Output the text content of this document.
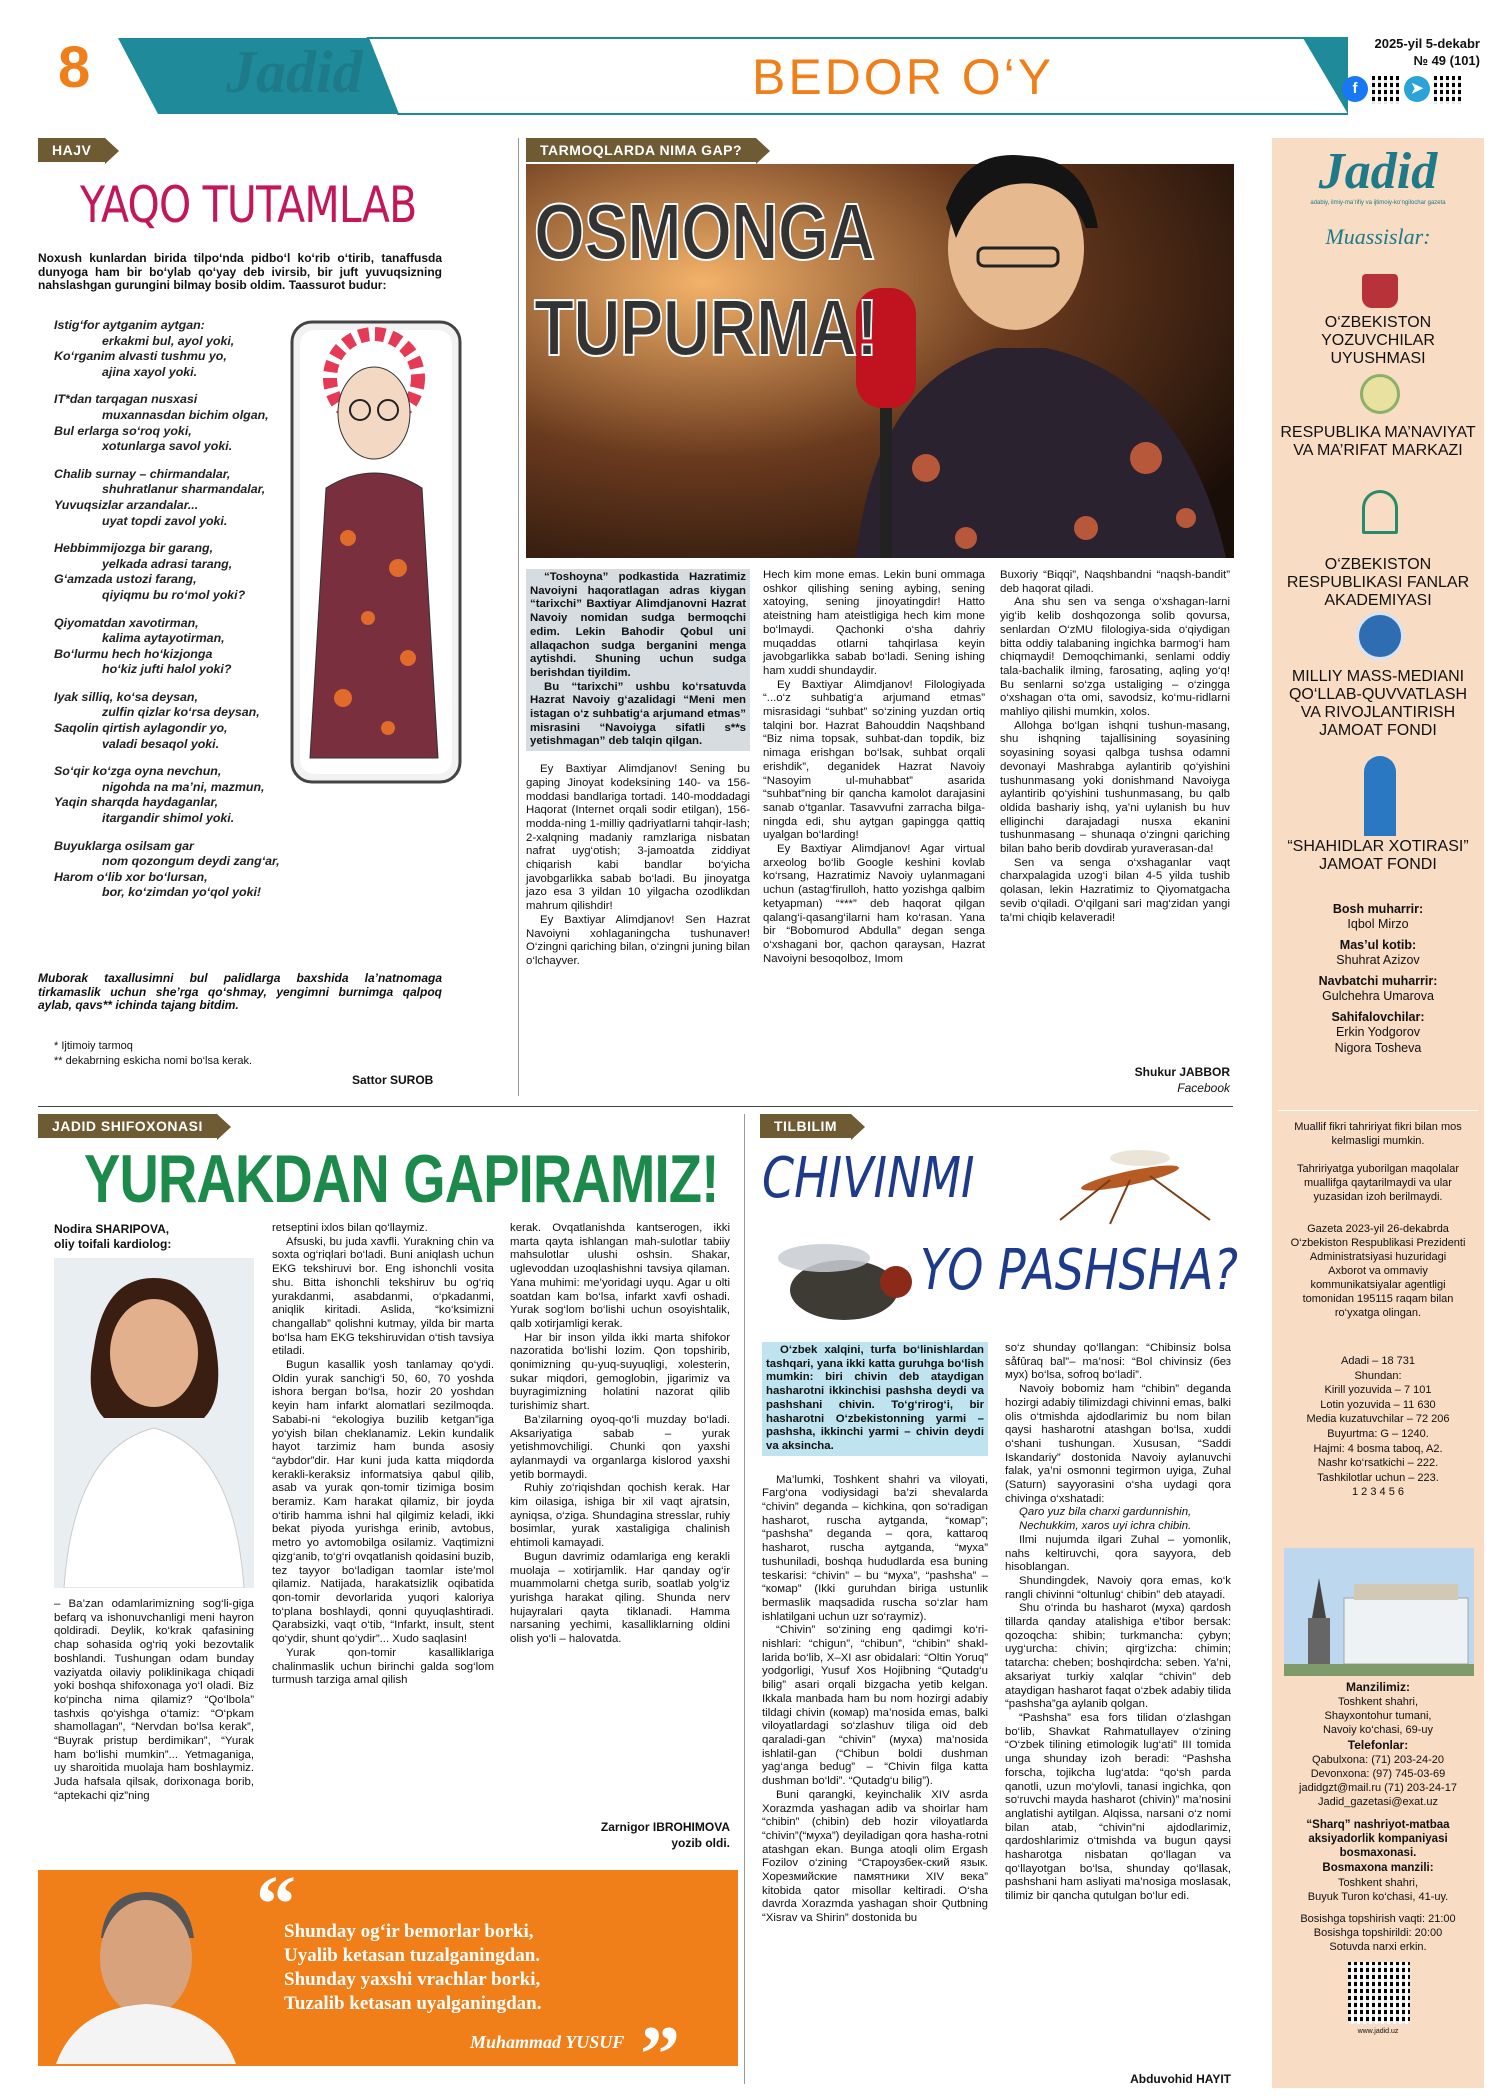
8 Jadid	BEDOR O‘Y
2025-yil 5-dekabr
№ 49 (101)
f	➤
HAJV
YAQO TUTAMLAB
Noxush kunlardan birida tilpo‘nda pidbo‘l ko‘rib o‘tirib, tanaffusda dunyoga ham bir bo‘ylab qo‘yay deb ivirsib, bir juft yuvuqsizning nahslashgan gurungini bilmay bosib oldim. Taassurot budur:
Istig‘for aytganim aytgan:
erkakmi bul, ayol yoki,
Ko‘rganim alvasti tushmu yo,
ajina xayol yoki.
IT*dan tarqagan nusxasi
muxannasdan bichim olgan,
Bul erlarga so‘roq yoki,
xotunlarga savol yoki.
Chalib surnay – chirmandalar,
shuhratlanur sharmandalar,
Yuvuqsizlar arzandalar...
uyat topdi zavol yoki.
Hebbimmijozga bir garang,
yelkada adrasi tarang,
G‘amzada ustozi farang,
qiyiqmu bu ro‘mol yoki?
Qiyomatdan xavotirman,
kalima aytayotirman,
Bo‘lurmu hech ho‘kizjonga
ho‘kiz jufti halol yoki?
Iyak silliq, ko‘sa deysan,
zulfin qizlar ko‘rsa deysan,
Saqolin qirtish aylagondir yo,
valadi besaqol yoki.
So‘qir ko‘zga oyna nevchun,
nigohda na ma’ni, mazmun,
Yaqin sharqda haydaganlar,
itargandir shimol yoki.
Buyuklarga osilsam gar
nom qozongum deydi zang‘ar,
Harom o‘lib xor bo‘lursan,
bor, ko‘zimdan yo‘qol yoki!
Muborak taxallusimni bul palidlarga baxshida la’natnomaga tirkamaslik uchun she’rga qo‘shmay, yengimni burnimga qalpoq aylab, qavs** ichinda tajang bitdim.
* Ijtimoiy tarmoq
** dekabrning eskicha nomi bo‘lsa kerak.
Sattor SUROB
TARMOQLARDA NIMA GAP?
OSMONGA
TUPURMA!

“Toshoyna” podkastida Hazratimiz Navoiyni haqoratlagan adras kiygan “tarixchi” Baxtiyar Alimdjanovni Hazrat Navoiy nomidan sudga bermoqchi edim. Lekin Bahodir Qobul uni allaqachon sudga berganini menga aytishdi. Shuning uchun sudga berishdan tiyildim.

Bu “tarixchi” ushbu ko‘rsatuvda Hazrat Navoiy g‘azalidagi “Meni men istagan o‘z suhbatig‘a arjumand etmas” misrasini “Navoiyga sifatli s**s yetishmagan” deb talqin qilgan.

Ey Baxtiyar Alimdjanov! Sening bu gaping Jinoyat kodeksining 140- va 156-moddasi bandlariga tortadi. 140-moddadagi Haqorat (Internet orqali sodir etilgan), 156-modda-ning 1-milliy qadriyatlarni tahqir-lash; 2-xalqning madaniy ramzlariga nisbatan nafrat uyg‘otish; 3-jamoatda ziddiyat chiqarish kabi bandlar bo‘yicha javobgarlikka sabab bo‘ladi. Bu jinoyatga jazo esa 3 yildan 10 yilgacha ozodlikdan mahrum qilishdir!

Ey Baxtiyar Alimdjanov! Sen Hazrat Navoiyni xohlaganingcha tushunaver! O‘zingni qariching bilan, o‘zingni juning bilan o‘lchayver.

Hech kim mone emas. Lekin buni ommaga oshkor qilishing sening aybing, sening xatoying, sening jinoyatingdir! Hatto ateistning ham ateistligiga hech kim mone bo‘lmaydi. Qachonki o‘sha dahriy muqaddas otlarni tahqirlasa keyin javobgarlikka sabab bo‘ladi. Sening ishing ham xuddi shundaydir.

Ey Baxtiyar Alimdjanov! Filologiyada “...o‘z suhbatig‘a arjumand etmas” misrasidagi “suhbat” so‘zining yuzdan ortiq talqini bor. Hazrat Bahouddin Naqshband “Biz nima topsak, suhbat-dan topdik, biz nimaga erishgan bo‘lsak, suhbat orqali erishdik”, deganidek Hazrat Navoiy “Nasoyim ul-muhabbat” asarida “suhbat”ning bir qancha kamolot darajasini sanab o‘tganlar. Tasavvufni zarracha bilga-ningda edi, shu aytgan gapingga qattiq uyalgan bo‘larding!

Ey Baxtiyar Alimdjanov! Agar virtual arxeolog bo‘lib Google keshini kovlab ko‘rsang, Hazratimiz Navoiy uylanmagani uchun (astag‘firulloh, hatto yozishga qalbim ketyapman) “***” deb haqorat qilgan qalang‘i-qasang‘ilarni ham ko‘rasan. Yana bir “Bobomurod Abdulla” degan senga o‘xshagani bor, qachon qaraysan, Hazrat Navoiyni besoqolboz, Imom

Buxoriy “Biqqi”, Naqshbandni “naqsh-bandit” deb haqorat qiladi.

Ana shu sen va senga o‘xshagan-larni yig‘ib kelib doshqozonga solib qovursa, senlardan O‘zMU filologiya-sida o‘qiydigan bitta oddiy talabaning ingichka barmog‘i ham chiqmaydi! Demoqchimanki, senlami oddiy tala-bachalik ilming, farosating, aqling yo‘q! Bu senlarni so‘zga ustaliging – o‘zingga o‘xshagan o‘ta omi, savodsiz, ko‘mu-ridlarni mahliyo qilishi mumkin, xolos.

Allohga bo‘lgan ishqni tushun-masang, shu ishqning tajallisining soyasining soyasining soyasi qalbga tushsa odamni devonayi Mashrabga aylantirib qo‘yishini tushunmasang yoki donishmand Navoiyga aylantirib qo‘yishini tushunmasang, bu qalb oldida bashariy ishq, ya’ni uylanish bu huv elliginchi darajadagi nusxa ekanini tushunmasang – shunaqa o‘zingni qariching bilan baho berib dovdirab yuraverasan-da!

Sen va senga o‘xshaganlar vaqt charxpalagida uzog‘i bilan 4-5 yilda tushib qolasan, lekin Hazratimiz to Qiyomatgacha sevib o‘qiladi. O‘qilgani sari mag‘zidan yangi ta’mi chiqib kelaveradi!

Shukur JABBOR
Facebook
JADID SHIFOXONASI
YURAKDAN GAPIRAMIZ!
Nodira SHARIPOVA,
oliy toifali kardiolog:

– Ba’zan odamlarimizning sog‘li-giga befarq va ishonuvchanligi meni hayron qoldiradi. Deylik, ko‘krak qafasining chap sohasida og‘riq yoki bezovtalik boshlandi. Tushungan odam bunday vaziyatda oilaviy poliklinikaga chiqadi yoki boshqa shifoxonaga yo‘l oladi. Biz ko‘pincha nima qilamiz? “Qo‘lbola” tashxis qo‘yishga o‘tamiz: “O‘pkam shamollagan”, “Nervdan bo‘lsa kerak”, “Buyrak pristup berdimikan”, “Yurak ham bo‘lishi mumkin”... Yetmaganiga, uy sharoitida muolaja ham boshlaymiz. Juda hafsala qilsak, dorixonaga borib, “aptekachi qiz”ning

retseptini ixlos bilan qo‘llaymiz.

Afsuski, bu juda xavfli. Yurakning chin va soxta og‘riqlari bo‘ladi. Buni aniqlash uchun EKG tekshiruvi bor. Eng ishonchli vosita shu. Bitta ishonchli tekshiruv bu og‘riq yurakdanmi, asabdanmi, o‘pkadanmi, aniqlik kiritadi. Aslida, “ko‘ksimizni changallab” qolishni kutmay, yilda bir marta bo‘lsa ham EKG tekshiruvidan o‘tish tavsiya etiladi.

Bugun kasallik yosh tanlamay qo‘ydi. Oldin yurak sanchig‘i 50, 60, 70 yoshda ishora bergan bo‘lsa, hozir 20 yoshdan keyin ham infarkt alomatlari sezilmoqda. Sababi-ni “ekologiya buzilib ketgan”iga yo‘yish bilan cheklanamiz. Lekin kundalik hayot tarzimiz ham bunda asosiy “aybdor”dir. Har kuni juda katta miqdorda kerakli-keraksiz informatsiya qabul qilib, asab va yurak qon-tomir tizimiga bosim beramiz. Kam harakat qilamiz, bir joyda o‘tirib hamma ishni hal qilgimiz keladi, ikki bekat piyoda yurishga erinib, avtobus, metro yo avtomobilga osilamiz. Vaqtimizni qizg‘anib, to‘g‘ri ovqatlanish qoidasini buzib, tez tayyor bo‘ladigan taomlar iste’mol qilamiz. Natijada, harakatsizlik oqibatida qon-tomir devorlarida yuqori kaloriya to‘plana boshlaydi, qonni quyuqlashtiradi. Qarabsizki, vaqt o‘tib, “Infarkt, insult, stent qo‘ydir, shunt qo‘ydir”... Xudo saqlasin!

Yurak qon-tomir kasalliklariga chalinmaslik uchun birinchi galda sog‘lom turmush tarziga amal qilish

kerak. Ovqatlanishda kantserogen, ikki marta qayta ishlangan mah-sulotlar tabiiy mahsulotlar ulushi oshsin. Shakar, uglevoddan uzoqlashishni tavsiya qilaman. Yana muhimi: me’yoridagi uyqu. Agar u olti soatdan kam bo‘lsa, infarkt xavfi oshadi. Yurak sog‘lom bo‘lishi uchun osoyishtalik, qalb xotirjamligi kerak.

Har bir inson yilda ikki marta shifokor nazoratida bo‘lishi lozim. Qon topshirib, qonimizning qu-yuq-suyuqligi, xolesterin, sukar miqdori, gemoglobin, jigarimiz va buyragimizning holatini nazorat qilib turishimiz shart.

Ba’zilarning oyoq-qo‘li muzday bo‘ladi. Aksariyatiga sabab – yurak yetishmovchiligi. Chunki qon yaxshi aylanmaydi va organlarga kislorod yaxshi yetib bormaydi.

Ruhiy zo‘riqishdan qochish kerak. Har kim oilasiga, ishiga bir xil vaqt ajratsin, ayniqsa, o‘ziga. Shundagina stresslar, ruhiy bosimlar, yurak xastaligiga chalinish ehtimoli kamayadi.

Bugun davrimiz odamlariga eng kerakli muolaja – xotirjamlik. Har qanday og‘ir muammolarni chetga surib, soatlab yolg‘iz yurishga harakat qiling. Shunda nerv hujayralari qayta tiklanadi. Hamma narsaning yechimi, kasalliklarning oldini olish yo‘li – halovatda.

Zarnigor IBROHIMOVA
yozib oldi.
“
Shunday og‘ir bemorlar borki,
Uyalib ketasan tuzalganingdan.
Shunday yaxshi vrachlar borki,
Tuzalib ketasan uyalganingdan.
Muhammad YUSUF ”
TILBILIM
CHIVINMI
YO PASHSHA?

O‘zbek xalqini, turfa bo‘linishlardan tashqari, yana ikki katta guruhga bo‘lish mumkin: biri chivin deb ataydigan hasharotni ikkinchisi pashsha deydi va pashshani chivin. To‘g‘rirog‘i, bir hasharotni O‘zbekistonning yarmi – pashsha, ikkinchi yarmi – chivin deydi va aksincha.

Ma’lumki, Toshkent shahri va viloyati, Farg‘ona vodiysidagi ba’zi shevalarda “chivin” deganda – kichkina, qon so‘radigan hasharot, ruscha aytganda, “комар”; “pashsha” deganda – qora, kattaroq hasharot, ruscha aytganda, “муха” tushuniladi, boshqa hududlarda esa buning teskarisi: “chivin” – bu “муха”, “pashsha” – “комар” (Ikki guruhdan biriga ustunlik bermaslik maqsadida ruscha so‘zlar ham ishlatilgani uchun uzr so‘raymiz).

“Chivin” so‘zining eng qadimgi ko‘ri-nishlari: “chigun”, “chibun”, “chibin” shakl-larida bo‘lib, X–XI asr obidalari: “Oltin Yoruq” yodgorligi, Yusuf Xos Hojibning “Qutadg‘u bilig” asari orqali bizgacha yetib kelgan. Ikkala manbada ham bu nom hozirgi adabiy tildagi chivin (комар) ma’nosida emas, balki viloyatlardagi so‘zlashuv tiliga oid deb qaraladi-gan “chivin” (муха) ma’nosida ishlatil-gan (“Chibun boldi dushman yag‘anga bedug” – “Chivin filga katta dushman bo‘ldi”. “Qutadg‘u bilig”).

Buni qarangki, keyinchalik XIV asrda Xorazmda yashagan adib va shoirlar ham “chibin” (chibin) deb hozir viloyatlarda “chivin”(“муха”) deyiladigan qora hasha-rotni atashgan ekan. Bunga atoqli olim Ergash Fozilov o‘zining “Староузбек-ский язык. Хорезмийские памятники XIV века” kitobida qator misollar keltiradi. O‘sha davrda Xorazmda yashagan shoir Qutbning “Xisrav va Shirin” dostonida bu

so‘z shunday qo‘llangan: “Chibinsiz bolsa såfûraq bal”– ma’nosi: “Bol chivinsiz (без мух) bo‘lsa, sofroq bo‘ladi”.

Navoiy bobomiz ham “chibin” deganda hozirgi adabiy tilimizdagi chivinni emas, balki olis o‘tmishda ajdodlarimiz bu nom bilan qaysi hasharotni atashgan bo‘lsa, xuddi o‘shani tushungan. Xususan, “Saddi Iskandariy” dostonida Navoiy aylanuvchi falak, ya’ni osmonni tegirmon uyiga, Zuhal (Saturn) sayyorasini o‘sha uydagi qora chivinga o‘xshatadi:

Qaro yuz bila charxi gardunnishin,

Nechukkim, xaros uyi ichra chibin.

Ilmi nujumda ilgari Zuhal – yomonlik, nahs keltiruvchi, qora sayyora, deb hisoblangan.

Shundingdek, Navoiy qora emas, ko‘k rangli chivinni “oltunlug‘ chibin” deb atayadi.

Shu o‘rinda bu hasharot (муха) qardosh tillarda qanday atalishiga e’tibor bersak: qozoqcha: shibin; turkmancha: çybyn; uyg‘urcha: chivin; qirg‘izcha: chimin; tatarcha: cheben; boshqirdcha: seben. Ya’ni, aksariyat turkiy xalqlar “chivin” deb ataydigan hasharot faqat o‘zbek adabiy tilida “pashsha”ga aylanib qolgan.

“Pashsha” esa fors tilidan o‘zlashgan bo‘lib, Shavkat Rahmatullayev o‘zining “O‘zbek tilining etimologik lug‘ati” III tomida unga shunday izoh beradi: “Pashsha forscha, tojikcha lug‘atda: “qo‘sh parda qanotli, uzun mo‘ylovli, tanasi ingichka, qon so‘ruvchi mayda hasharot (chivin)” ma’nosini anglatishi aytilgan. Alqissa, narsani o‘z nomi bilan atab, “chivin”ni ajdodlarimiz, qardoshlarimiz o‘tmishda va bugun qaysi hasharotga nisbatan qo‘llagan va qo‘llayotgan bo‘lsa, shunday qo‘llasak, pashshani ham asliyati ma’nosiga moslasak, tilimiz bir qancha qutulgan bo‘lur edi.

Abduvohid HAYIT
Jadid
adabiy, ilmiy-ma’rifiy va ijtimoiy-ko‘ngilochar gazeta
Muassislar:
O‘ZBEKISTON YOZUVCHILAR UYUSHMASI
RESPUBLIKA MA’NAVIYAT VA MA’RIFAT MARKAZI
O‘ZBEKISTON RESPUBLIKASI FANLAR AKADEMIYASI
MILLIY MASS-MEDIANI QO‘LLAB-QUVVATLASH VA RIVOJLANTIRISH JAMOAT FONDI
“SHAHIDLAR XOTIRASI” JAMOAT FONDI
Bosh muharrir:
Iqbol Mirzo
Mas’ul kotib:
Shuhrat Azizov
Navbatchi muharrir:
Gulchehra Umarova
Sahifalovchilar:
Erkin Yodgorov
Nigora Tosheva
Muallif fikri tahririyat fikri bilan mos kelmasligi mumkin.
Tahririyatga yuborilgan maqolalar muallifga qaytarilmaydi va ular yuzasidan izoh berilmaydi.
Gazeta 2023-yil 26-dekabrda O‘zbekiston Respublikasi Prezidenti Administratsiyasi huzuridagi Axborot va ommaviy kommunikatsiyalar agentligi tomonidan 195115 raqam bilan ro‘yxatga olingan.
Adadi – 18 731
Shundan:
Kirill yozuvida – 7 101
Lotin yozuvida – 11 630
Media kuzatuvchilar – 72 206
Buyurtma: G – 1240.
Hajmi: 4 bosma taboq, A2.
Nashr ko‘rsatkichi – 222.
Tashkilotlar uchun – 223.
1 2 3 4 5 6
Manzilimiz:
Toshkent shahri,
Shayxontohur tumani,
Navoiy ko‘chasi, 69-uy
Telefonlar:
Qabulxona: (71) 203-24-20
Devonxona: (97) 745-03-69
jadidgzt@mail.ru (71) 203-24-17
Jadid_gazetasi@exat.uz
“Sharq” nashriyot-matbaa aksiyadorlik kompaniyasi bosmaxonasi.
Bosmaxona manzili:
Toshkent shahri,
Buyuk Turon ko‘chasi, 41-uy.
Bosishga topshirish vaqti: 21:00
Bosishga topshirildi: 20:00
Sotuvda narxi erkin.
www.jadid.uz
